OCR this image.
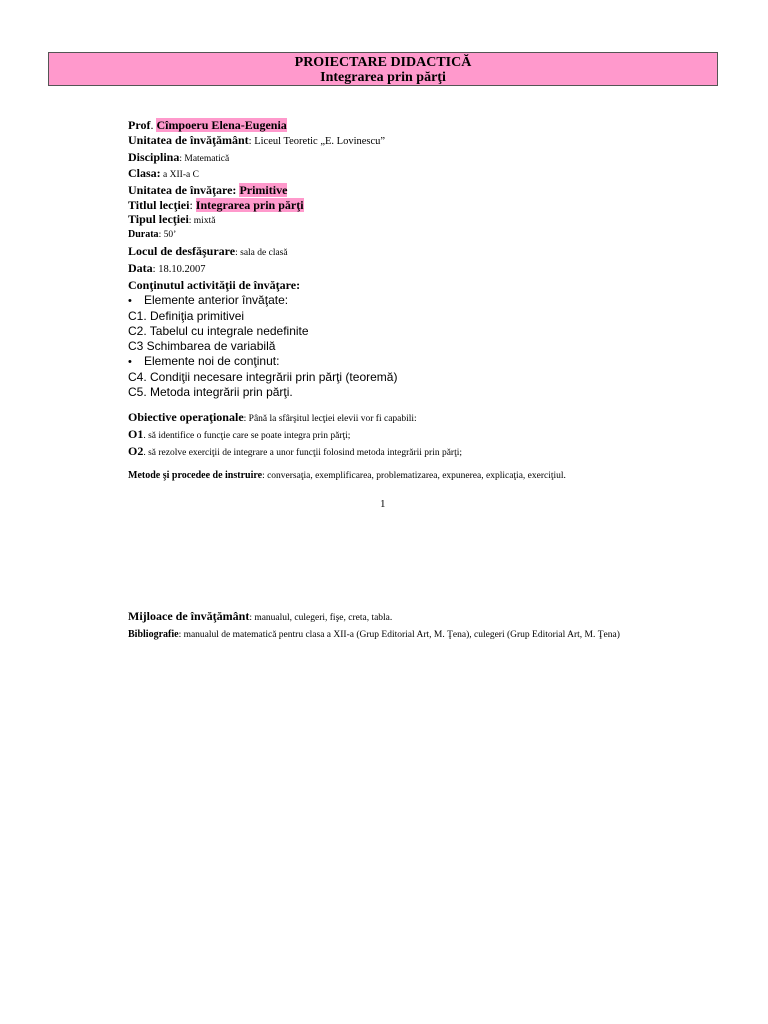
PROIECTARE DIDACTICĂ
Integrarea prin părţi
Prof. Cîmpoeru Elena-Eugenia
Unitatea de învăţământ: Liceul Teoretic „E. Lovinescu”
Disciplina: Matematică
Clasa: a XII-a C
Unitatea de învăţare: Primitive
Titlul lecţiei: Integrarea prin părţi
Tipul lecţiei: mixtă
Durata: 50’
Locul de desfăşurare: sala de clasă
Data: 18.10.2007
Conţinutul activităţii de învăţare:
• Elemente anterior învăţate:
C1. Definiţia primitivei
C2. Tabelul cu integrale nedefinite
C3 Schimbarea de variabilă
• Elemente noi de conţinut:
C4. Condiţii necesare integrării prin părţi (teoremă)
C5. Metoda integrării prin părţi.
Obiective operaţionale: Până la sfârşitul lecţiei elevii vor fi capabili:
O1. să identifice o funcţie care se poate integra prin părţi;
O2. să rezolve exerciţii de integrare a unor funcţii folosind metoda integrării prin părţi;
Metode şi procedee de instruire: conversaţia, exemplificarea, problematizarea, expunerea, explicaţia, exerciţiul.
1
Mijloace de învăţământ: manualul, culegeri, fişe, creta, tabla.
Bibliografie: manualul de matematică pentru clasa a XII-a (Grup Editorial Art, M. Ţena), culegeri (Grup Editorial Art, M. Ţena)
